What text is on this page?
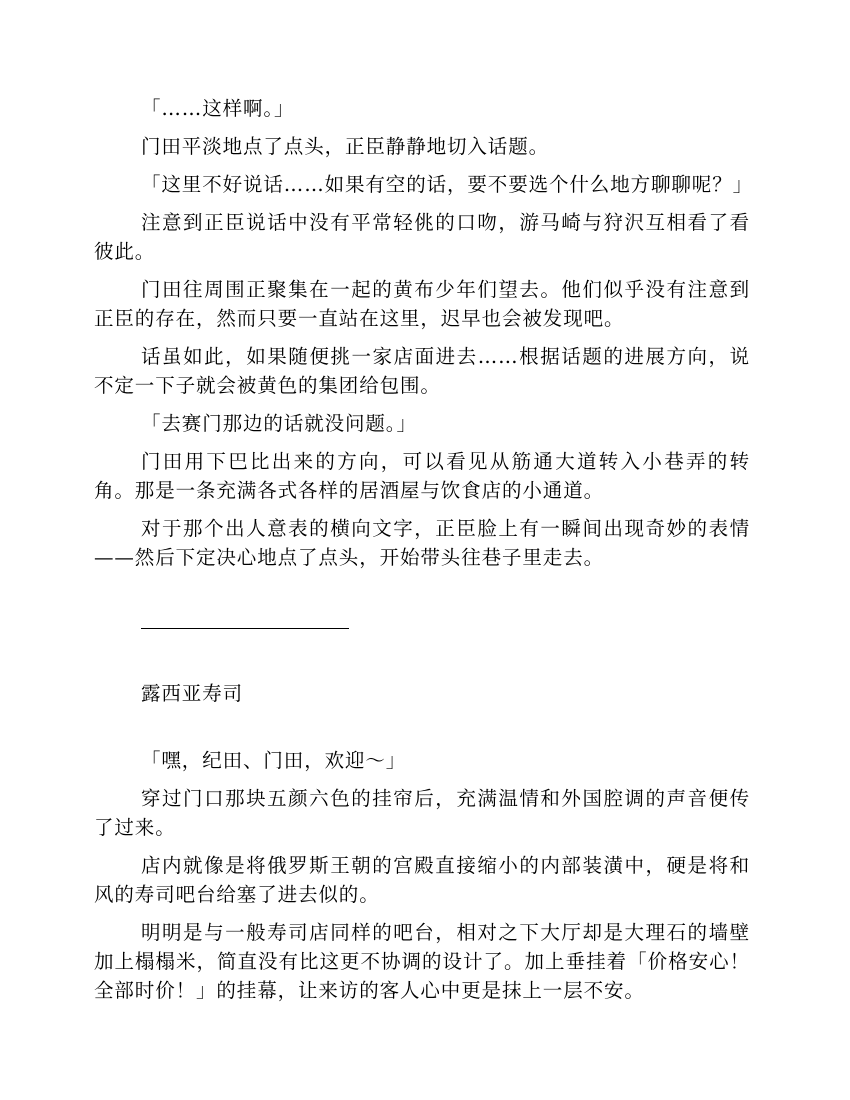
「……这样啊。」

门田平淡地点了点头，正臣静静地切入话题。

「这里不好说话……如果有空的话，要不要选个什么地方聊聊呢？」

注意到正臣说话中没有平常轻佻的口吻，游马崎与狩沢互相看了看彼此。

门田往周围正聚集在一起的黄布少年们望去。他们似乎没有注意到正臣的存在，然而只要一直站在这里，迟早也会被发现吧。

话虽如此，如果随便挑一家店面进去……根据话题的进展方向，说不定一下子就会被黄色的集团给包围。

「去赛门那边的话就没问题。」

门田用下巴比出来的方向，可以看见从筋通大道转入小巷弄的转角。那是一条充满各式各样的居酒屋与饮食店的小通道。

对于那个出人意表的横向文字，正臣脸上有一瞬间出现奇妙的表情——然后下定决心地点了点头，开始带头往巷子里走去。

露西亚寿司

「嘿，纪田、门田，欢迎～」

穿过门口那块五颜六色的挂帘后，充满温情和外国腔调的声音便传了过来。

店内就像是将俄罗斯王朝的宫殿直接缩小的内部装潢中，硬是将和风的寿司吧台给塞了进去似的。

明明是与一般寿司店同样的吧台，相对之下大厅却是大理石的墙壁加上榻榻米，简直没有比这更不协调的设计了。加上垂挂着「价格安心！全部时价！」的挂幕，让来访的客人心中更是抹上一层不安。
